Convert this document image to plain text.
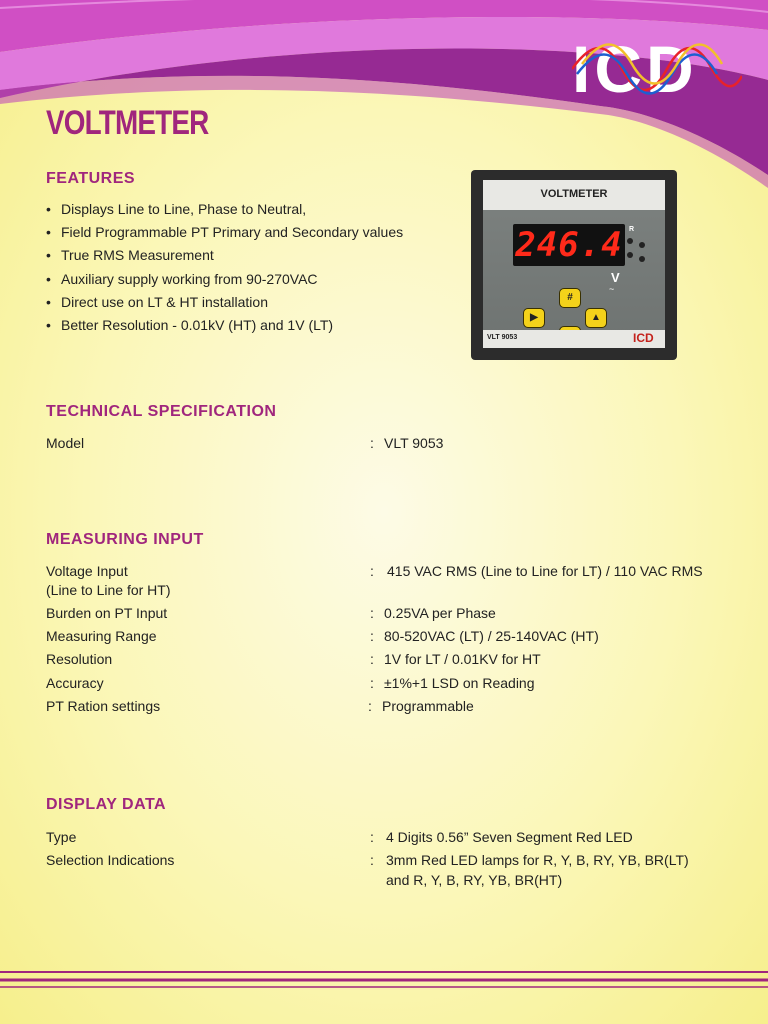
ICD
VOLTMETER
FEATURES
• Displays Line to Line, Phase to Neutral,
• Field Programmable PT Primary and Secondary values
• True RMS Measurement
• Auxiliary supply working from 90-270VAC
• Direct use on LT & HT installation
• Better Resolution - 0.01kV (HT) and 1V (LT)
VOLTMETER
246.4 R
V
~
#
▶	▲
VLT 9053	ICD
TECHNICAL SPECIFICATION
Model	: VLT 9053
MEASURING INPUT
Voltage Input	: 415 VAC RMS (Line to Line for LT) / 110 VAC RMS
(Line to Line for HT)
Burden on PT Input	: 0.25VA per Phase
Measuring Range	: 80-520VAC (LT) / 25-140VAC (HT)
Resolution	: 1V for LT / 0.01KV for HT
Accuracy	: ±1%+1 LSD on Reading
PT Ration settings	: Programmable
DISPLAY DATA
Type	: 4 Digits 0.56” Seven Segment Red LED
Selection Indications	: 3mm Red LED lamps for R, Y, B, RY, YB, BR(LT)
and R, Y, B, RY, YB, BR(HT)
